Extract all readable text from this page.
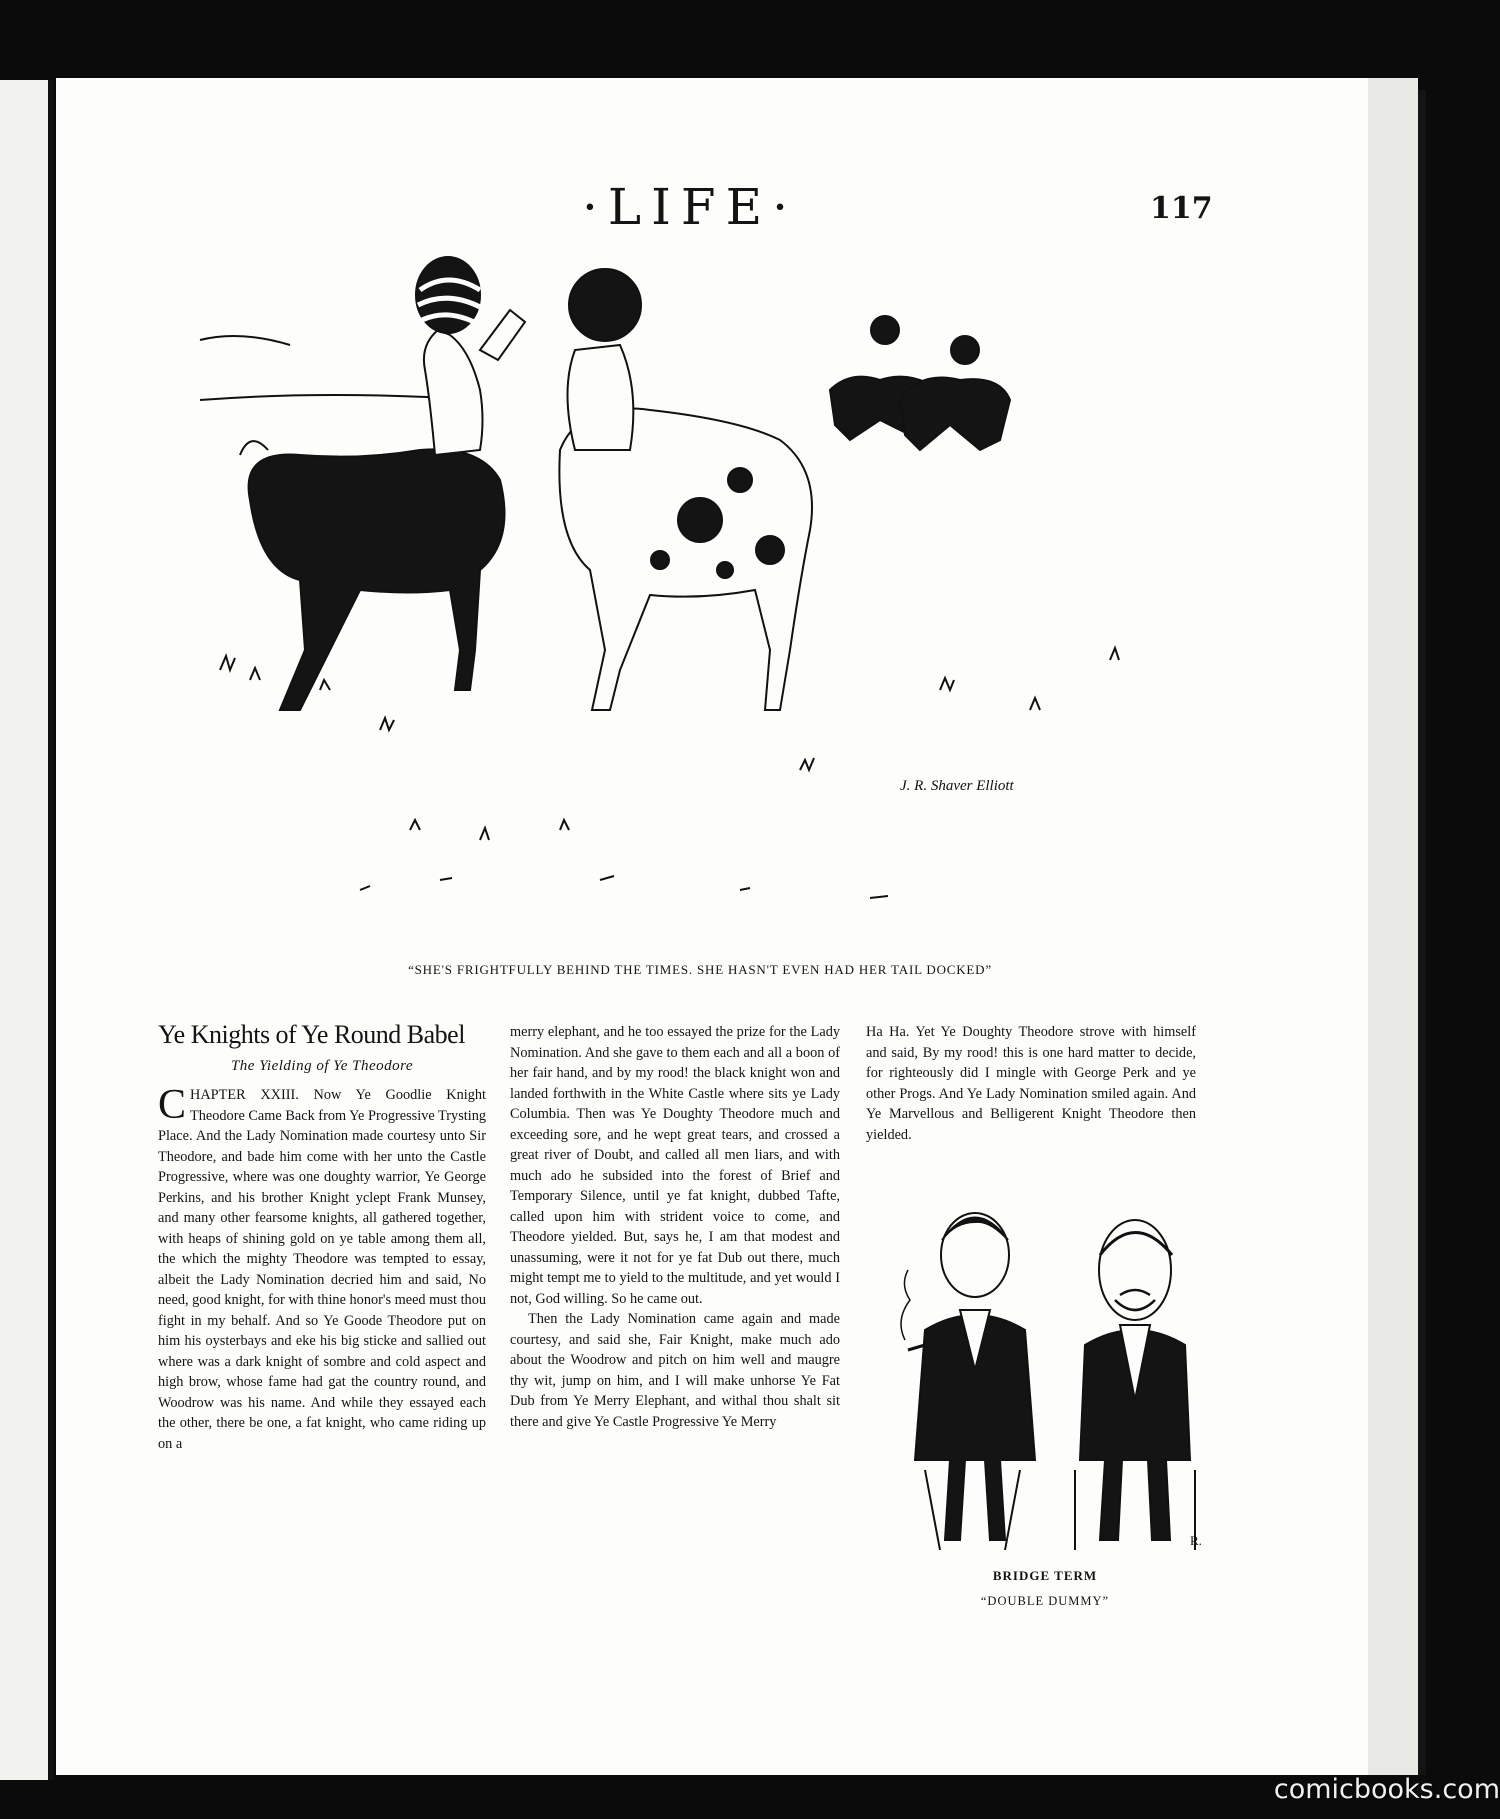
·LIFE·	117
J. R. Shaver Elliott
“SHE'S FRIGHTFULLY BEHIND THE TIMES. SHE HASN'T EVEN HAD HER TAIL DOCKED”
Ye Knights of Ye Round Babel
The Yielding of Ye Theodore
C HAPTER XXIII. Now Ye Goodlie Knight Theodore Came Back from Ye Progressive Trysting Place. And the Lady Nomination made courtesy unto Sir Theodore, and bade him come with her unto the Castle Progressive, where was one doughty warrior, Ye George Perkins, and his brother Knight yclept Frank Munsey, and many other fearsome knights, all gathered together, with heaps of shining gold on ye table among them all, the which the mighty Theodore was tempted to essay, albeit the Lady Nomination decried him and said, No need, good knight, for with thine honor's meed must thou fight in my behalf. And so Ye Goode Theodore put on him his oysterbays and eke his big sticke and sallied out where was a dark knight of sombre and cold aspect and high brow, whose fame had gat the country round, and Woodrow was his name. And while they essayed each the other, there be one, a fat knight, who came riding up on a

merry elephant, and he too essayed the prize for the Lady Nomination. And she gave to them each and all a boon of her fair hand, and by my rood! the black knight won and landed forthwith in the White Castle where sits ye Lady Columbia. Then was Ye Doughty Theodore much and exceeding sore, and he wept great tears, and crossed a great river of Doubt, and called all men liars, and with much ado he subsided into the forest of Brief and Temporary Silence, until ye fat knight, dubbed Tafte, called upon him with strident voice to come, and Theodore yielded. But, says he, I am that modest and unassuming, were it not for ye fat Dub out there, much might tempt me to yield to the multitude, and yet would I not, God willing. So he came out.

Then the Lady Nomination came again and made courtesy, and said she, Fair Knight, make much ado about the Woodrow and pitch on him well and maugre thy wit, jump on him, and I will make unhorse Ye Fat Dub from Ye Merry Elephant, and withal thou shalt sit there and give Ye Castle Progressive Ye Merry

Ha Ha. Yet Ye Doughty Theodore strove with himself and said, By my rood! this is one hard matter to decide, for righteously did I mingle with George Perk and ye other Progs. And Ye Lady Nomination smiled again. And Ye Marvellous and Belligerent Knight Theodore then yielded.

R.
BRIDGE TERM
“DOUBLE DUMMY”
comicbooks.com
